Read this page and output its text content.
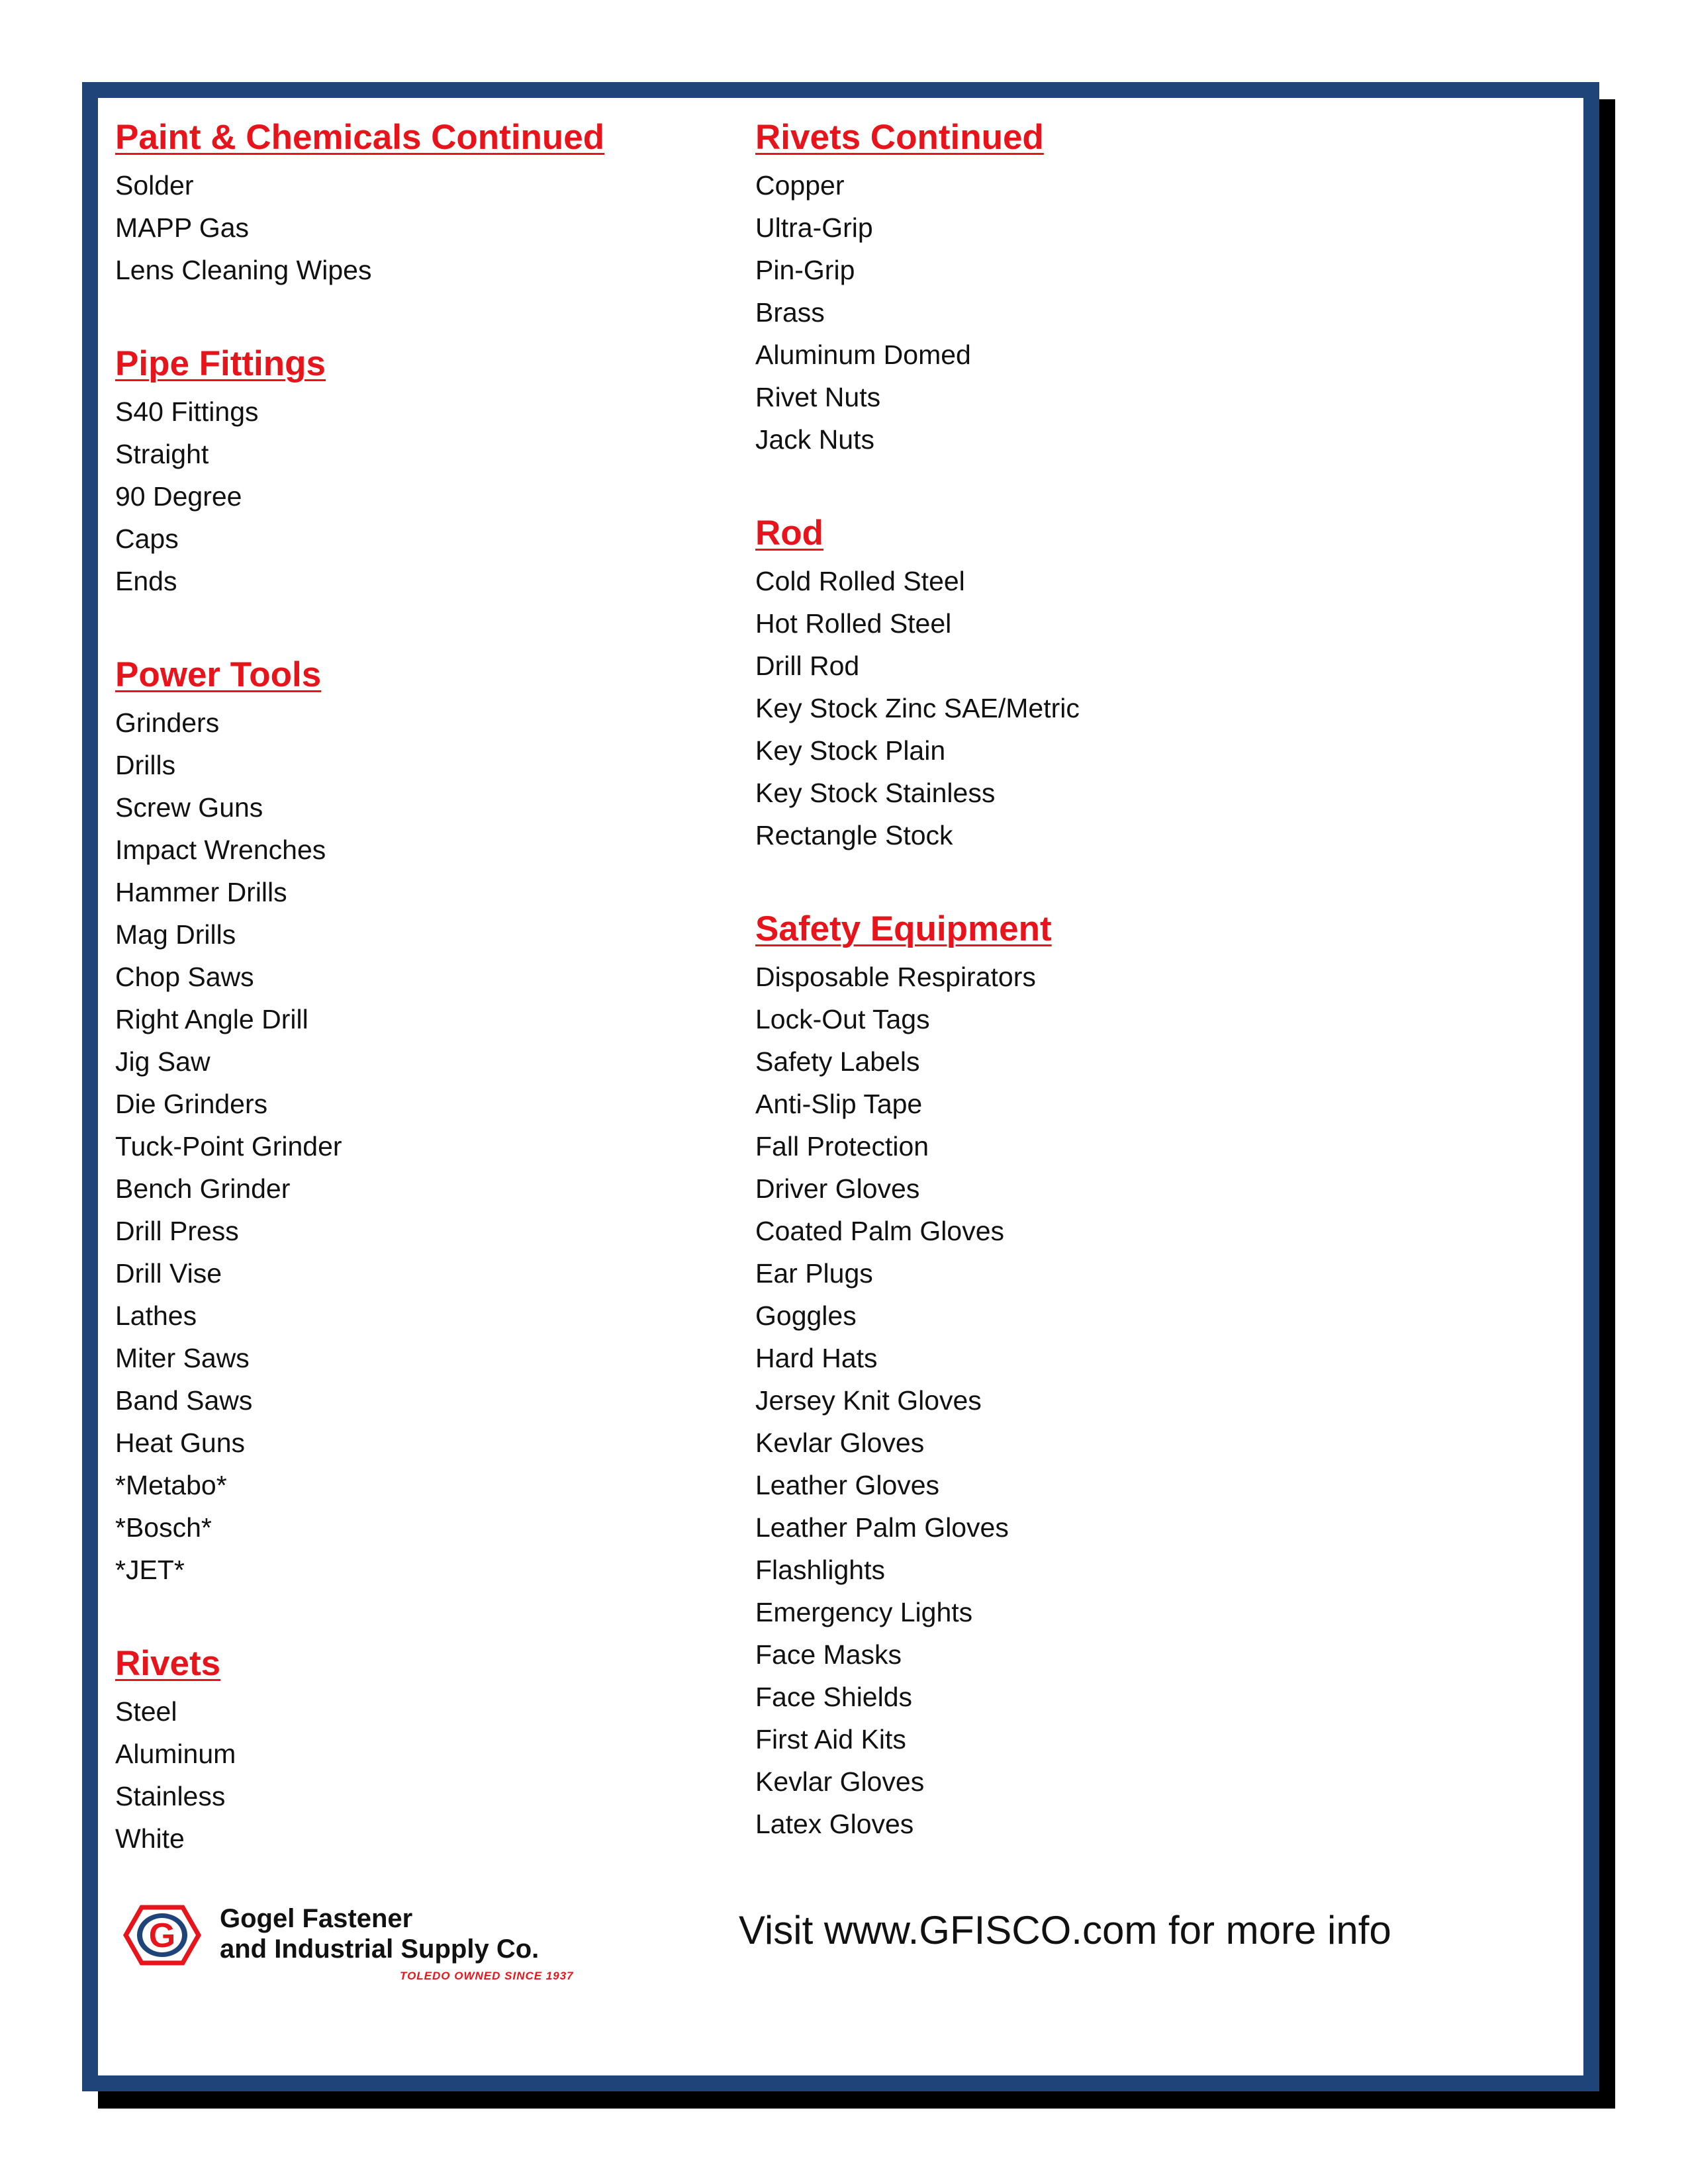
Paint & Chemicals Continued
Solder
MAPP Gas
Lens Cleaning Wipes
Pipe Fittings
S40 Fittings
Straight
90 Degree
Caps
Ends
Power Tools
Grinders
Drills
Screw Guns
Impact Wrenches
Hammer Drills
Mag Drills
Chop Saws
Right Angle Drill
Jig Saw
Die Grinders
Tuck-Point Grinder
Bench Grinder
Drill Press
Drill Vise
Lathes
Miter Saws
Band Saws
Heat Guns
*Metabo*
*Bosch*
*JET*
Rivets
Steel
Aluminum
Stainless
White
Rivets Continued
Copper
Ultra-Grip
Pin-Grip
Brass
Aluminum Domed
Rivet Nuts
Jack Nuts
Rod
Cold Rolled Steel
Hot Rolled Steel
Drill Rod
Key Stock Zinc SAE/Metric
Key Stock Plain
Key Stock Stainless
Rectangle Stock
Safety Equipment
Disposable Respirators
Lock-Out Tags
Safety Labels
Anti-Slip Tape
Fall Protection
Driver Gloves
Coated Palm Gloves
Ear Plugs
Goggles
Hard Hats
Jersey Knit Gloves
Kevlar Gloves
Leather Gloves
Leather Palm Gloves
Flashlights
Emergency Lights
Face Masks
Face Shields
First Aid Kits
Kevlar Gloves
Latex Gloves
G Gogel Fastener
and Industrial Supply Co.
TOLEDO OWNED SINCE 1937
Visit www.GFISCO.com for more info
